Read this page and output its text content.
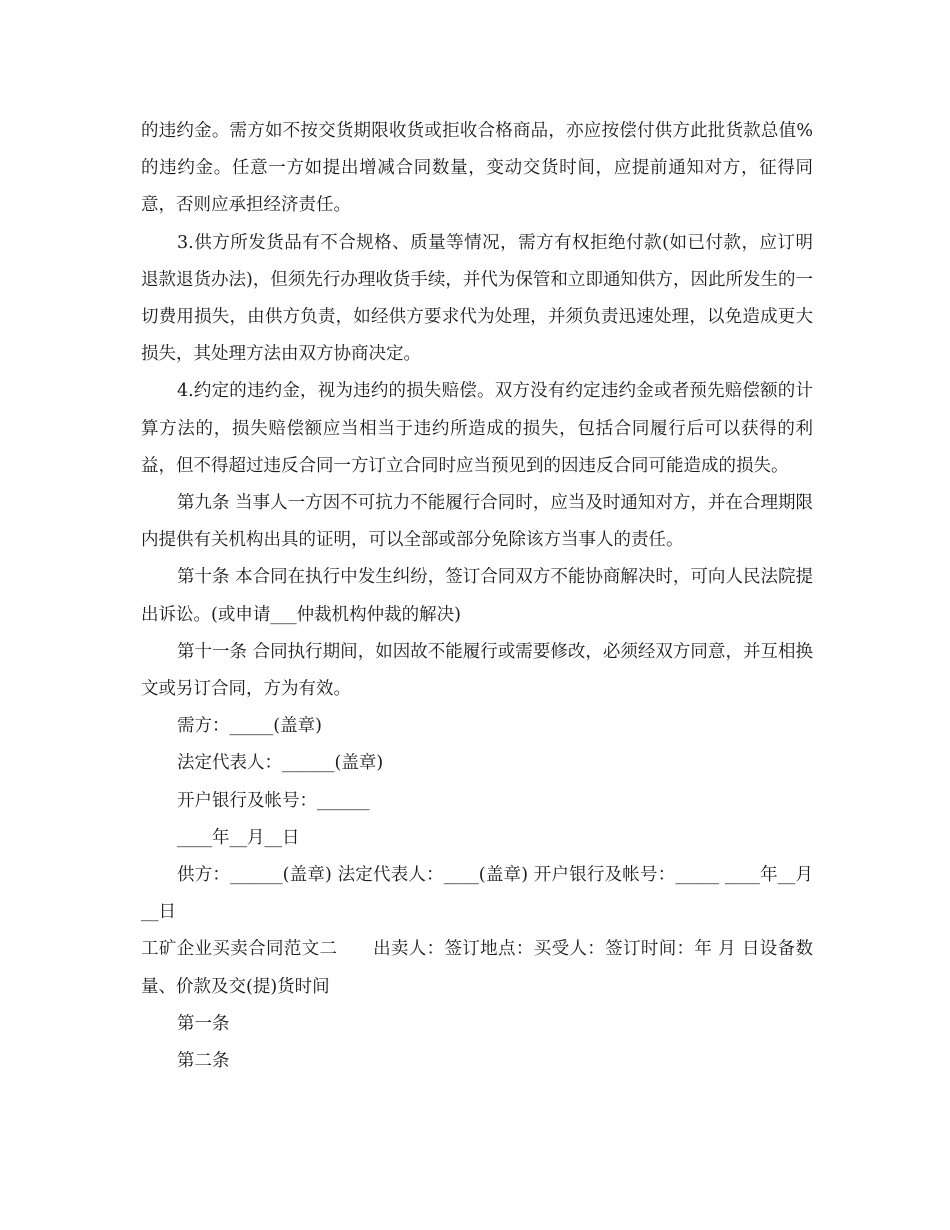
的违约金。需方如不按交货期限收货或拒收合格商品，亦应按偿付供方此批货款总值%的违约金。任意一方如提出增减合同数量，变动交货时间，应提前通知对方，征得同意，否则应承担经济责任。

3.供方所发货品有不合规格、质量等情况，需方有权拒绝付款(如已付款，应订明退款退货办法)，但须先行办理收货手续，并代为保管和立即通知供方，因此所发生的一切费用损失，由供方负责，如经供方要求代为处理，并须负责迅速处理，以免造成更大损失，其处理方法由双方协商决定。

4.约定的违约金，视为违约的损失赔偿。双方没有约定违约金或者预先赔偿额的计算方法的，损失赔偿额应当相当于违约所造成的损失，包括合同履行后可以获得的利益，但不得超过违反合同一方订立合同时应当预见到的因违反合同可能造成的损失。

第九条 当事人一方因不可抗力不能履行合同时，应当及时通知对方，并在合理期限内提供有关机构出具的证明，可以全部或部分免除该方当事人的责任。

第十条 本合同在执行中发生纠纷，签订合同双方不能协商解决时，可向人民法院提出诉讼。(或申请___仲裁机构仲裁的解决)

第十一条 合同执行期间，如因故不能履行或需要修改，必须经双方同意，并互相换文或另订合同，方为有效。

需方：_____(盖章)

法定代表人：______(盖章)

开户银行及帐号：______

____年__月__日

供方：______(盖章) 法定代表人：____(盖章) 开户银行及帐号：_____ ____年__月__日

工矿企业买卖合同范文二　　出卖人：签订地点：买受人：签订时间：年 月 日设备数量、价款及交(提)货时间

第一条

第二条
